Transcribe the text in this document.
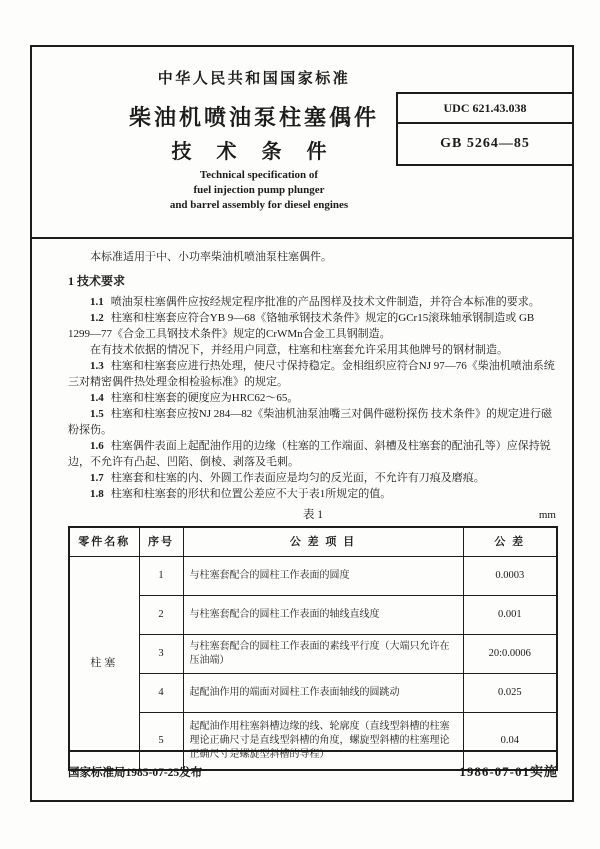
中华人民共和国国家标准
柴油机喷油泵柱塞偶件
技 术 条 件
UDC 621.43.038
GB 5264—85
Technical specification of
fuel injection pump plunger
and barrel assembly for diesel engines

本标准适用于中、小功率柴油机喷油泵柱塞偶件。

1 技术要求

1.1 喷油泵柱塞偶件应按经规定程序批准的产品图样及技术文件制造，并符合本标准的要求。

1.2 柱塞和柱塞套应符合YB 9—68《铬轴承钢技术条件》规定的GCr15滚珠轴承钢制造或 GB 1299—77《合金工具钢技术条件》规定的CrWMn合金工具钢制造。

在有技术依据的情况下，并经用户同意，柱塞和柱塞套允许采用其他牌号的钢材制造。

1.3 柱塞和柱塞套应进行热处理，使尺寸保持稳定。金相组织应符合NJ 97—76《柴油机喷油系统三对精密偶件热处理金相检验标准》的规定。

1.4 柱塞和柱塞套的硬度应为HRC62～65。

1.5 柱塞和柱塞套应按NJ 284—82《柴油机油泵油嘴三对偶件磁粉探伤 技术条件》的规定进行磁粉探伤。

1.6 柱塞偶件表面上起配油作用的边缘（柱塞的工作端面、斜槽及柱塞套的配油孔等）应保持锐边，不允许有凸起、凹陷、倒棱、剥落及毛刺。

1.7 柱塞套和柱塞的内、外圆工作表面应是均匀的反光面，不允许有刀痕及磨痕。

1.8 柱塞和柱塞套的形状和位置公差应不大于表1所规定的值。

表 1	mm
零件名称	序号	公 差 项 目	公 差
柱塞	1	与柱塞套配合的圆柱工作表面的圆度	0.0003
	2	与柱塞套配合的圆柱工作表面的轴线直线度	0.001
	3	与柱塞套配合的圆柱工作表面的素线平行度（大端只允许在压油端）	20:0.0006
	4	起配油作用的端面对圆柱工作表面轴线的圆跳动	0.025
	5	起配油作用柱塞斜槽边缘的线、轮廓度（直线型斜槽的柱塞理论正确尺寸是直线型斜槽的角度，螺旋型斜槽的柱塞理论正确尺寸是螺旋型斜槽的导程）	0.04
国家标准局1985-07-25发布	1986-07-01实施
